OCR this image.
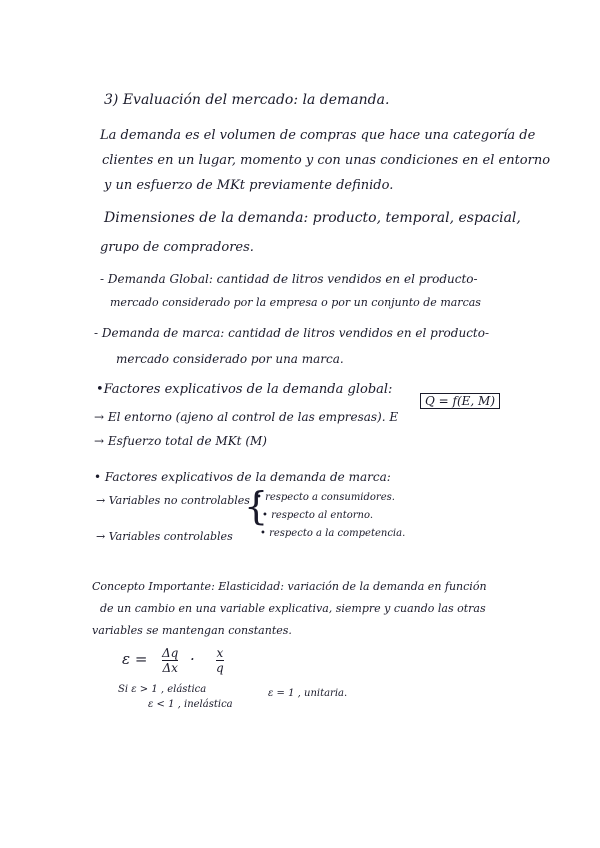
3) Evaluación del mercado: la demanda.
La demanda es el volumen de compras que hace una categoría de
clientes en un lugar, momento y con unas condiciones en el entorno
y un esfuerzo de MKt previamente definido.
Dimensiones de la demanda: producto, temporal, espacial,
grupo de compradores.
- Demanda Global: cantidad de litros vendidos en el producto-
mercado considerado por la empresa o por un conjunto de marcas
- Demanda de marca: cantidad de litros vendidos en el producto-
mercado considerado por una marca.
•Factores explicativos de la demanda global:
Q = f(E, M)
→ El entorno (ajeno al control de las empresas). E
→ Esfuerzo total de MKt (M)
• Factores explicativos de la demanda de marca:
→ Variables no controlables
{
• respecto a consumidores.
• respecto al entorno.
• respecto a la competencia.
→ Variables controlables
Concepto Importante: Elasticidad: variación de la demanda en función
de un cambio en una variable explicativa, siempre y cuando las otras
variables se mantengan constantes.
ε = Δq
Δx · x
q
Si ε > 1 , elástica
ε < 1 , inelástica
ε = 1 , unitaria.
